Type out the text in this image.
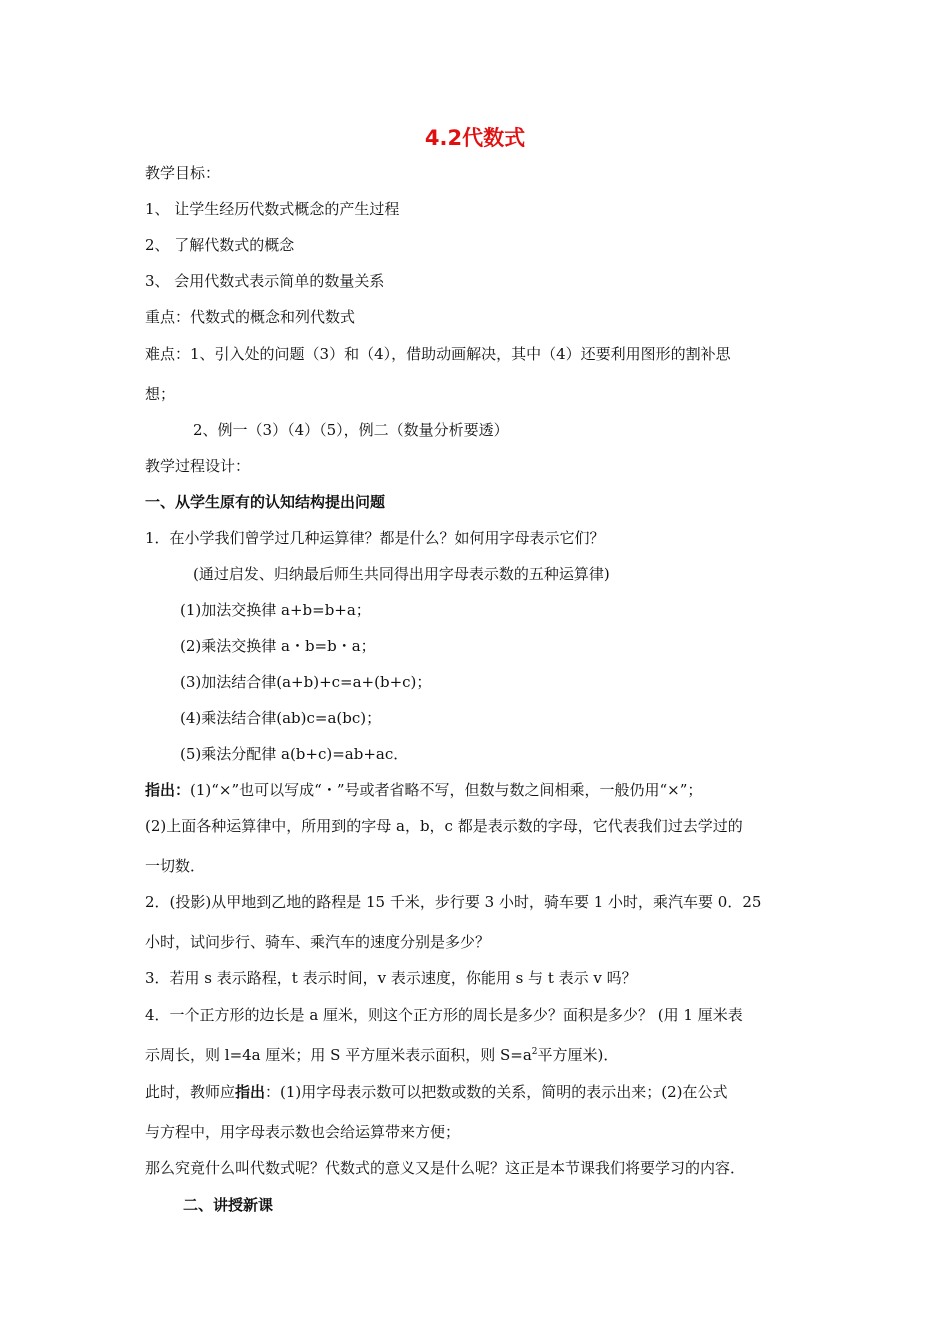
4.2代数式
教学目标：
1、 让学生经历代数式概念的产生过程
2、 了解代数式的概念
3、 会用代数式表示简单的数量关系
重点：代数式的概念和列代数式
难点：1、引入处的问题（3）和（4），借助动画解决，其中（4）还要利用图形的割补思
想；
2、例一（3）（4）（5），例二（数量分析要透）
教学过程设计：
一、从学生原有的认知结构提出问题
1．在小学我们曾学过几种运算律？都是什么？如何用字母表示它们？
(通过启发、归纳最后师生共同得出用字母表示数的五种运算律)
(1)加法交换律 a+b=b+a；
(2)乘法交换律 a・b=b・a；
(3)加法结合律(a+b)+c=a+(b+c)；
(4)乘法结合律(ab)c=a(bc)；
(5)乘法分配律 a(b+c)=ab+ac．
指出：(1)“×”也可以写成“・”号或者省略不写，但数与数之间相乘，一般仍用“×”；
(2)上面各种运算律中，所用到的字母 a，b，c 都是表示数的字母，它代表我们过去学过的
一切数．
2．(投影)从甲地到乙地的路程是 15 千米，步行要 3 小时，骑车要 1 小时，乘汽车要 0．25
小时，试问步行、骑车、乘汽车的速度分别是多少？
3．若用 s 表示路程，t 表示时间，v 表示速度，你能用 s 与 t 表示 v 吗？
4．一个正方形的边长是 a 厘米，则这个正方形的周长是多少？面积是多少？ (用 1 厘米表
示周长，则 l=4a 厘米；用 S 平方厘米表示面积，则 $S=a^2$平方厘米)．
此时，教师应指出：(1)用字母表示数可以把数或数的关系，简明的表示出来；(2)在公式
与方程中，用字母表示数也会给运算带来方便；
那么究竟什么叫代数式呢？代数式的意义又是什么呢？这正是本节课我们将要学习的内容．
二、讲授新课
